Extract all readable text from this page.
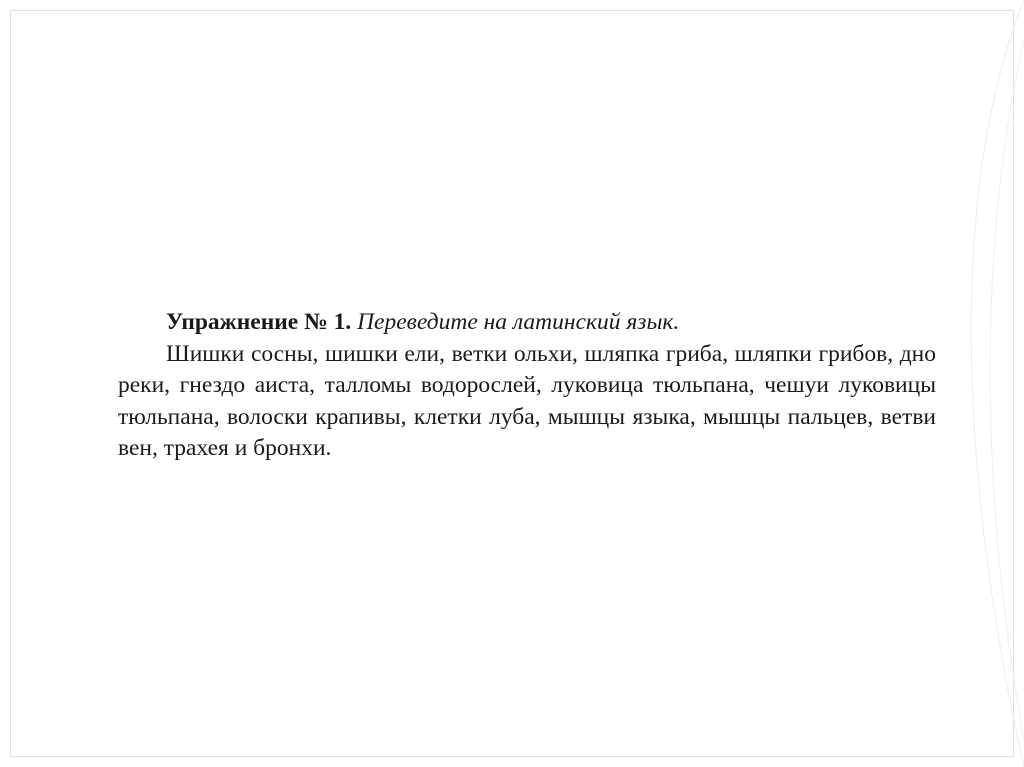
Упражнение № 1. Переведите на латинский язык.

Шишки сосны, шишки ели, ветки ольхи, шляпка гриба, шляпки грибов, дно реки, гнездо аиста, талломы водорослей, луковица тюльпана, чешуи луковицы тюльпана, волоски крапивы, клетки луба, мышцы языка, мышцы пальцев, ветви вен, трахея и бронхи.
